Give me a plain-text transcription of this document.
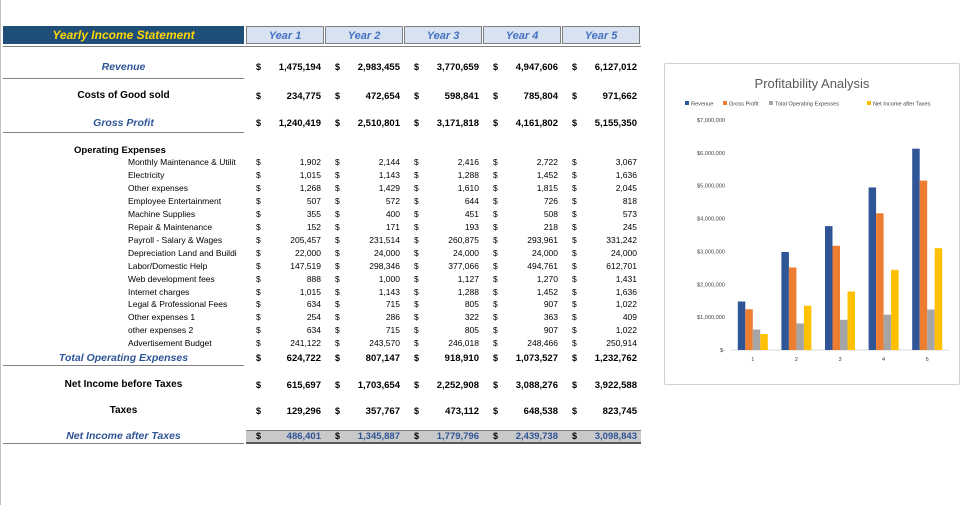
Yearly Income Statement	Year 1	Year 2	Year 3	Year 4	Year 5
Revenue	$	1,475,194 $	2,983,455 $	3,770,659 $	4,947,606 $	6,127,012
Costs of Good sold	$	234,775 $	472,654 $	598,841 $	785,804 $	971,662
Gross Profit	$	1,240,419 $	2,510,801 $	3,171,818 $	4,161,802 $	5,155,350
Operating Expenses
Monthly Maintenance & Utilit	$	1,902 $	2,144 $	2,416 $	2,722 $	3,067
Electricity	$	1,015 $	1,143 $	1,288 $	1,452 $	1,636
Other expenses	$	1,268 $	1,429 $	1,610 $	1,815 $	2,045
Employee Entertainment	$	507 $	572 $	644 $	726 $	818
Machine Supplies	$	355 $	400 $	451 $	508 $	573
Repair & Maintenance	$	152 $	171 $	193 $	218 $	245
Payroll - Salary & Wages	$	205,457 $	231,514 $	260,875 $	293,961 $	331,242
Depreciation Land and Buildi	$	22,000 $	24,000 $	24,000 $	24,000 $	24,000
Labor/Domestic Help	$	147,519 $	298,346 $	377,066 $	494,761 $	612,701
Web development fees	$	888 $	1,000 $	1,127 $	1,270 $	1,431
Internet charges	$	1,015 $	1,143 $	1,288 $	1,452 $	1,636
Legal & Professional Fees	$	634 $	715 $	805 $	907 $	1,022
Other expenses 1	$	254 $	286 $	322 $	363 $	409
other expenses 2	$	634 $	715 $	805 $	907 $	1,022
Advertisement Budget	$	241,122 $	243,570 $	246,018 $	248,466 $	250,914
Total Operating Expenses	$	624,722 $	807,147 $	918,910 $	1,073,527 $	1,232,762
Net Income before Taxes	$	615,697 $	1,703,654 $	2,252,908 $	3,088,276 $	3,922,588
Taxes	$	129,296 $	357,767 $	473,112 $	648,538 $	823,745
Net Income after Taxes	$	486,401 $	1,345,887 $	1,779,796 $	2,439,738 $	3,098,843
Profitability Analysis
Revenue	Gross Profit	Total Operating Expenses	Net Income after Taxes
$-
$1,000,000
$2,000,000
$3,000,000
$4,000,000
$5,000,000
$6,000,000
$7,000,000
1	2	3	4	5
